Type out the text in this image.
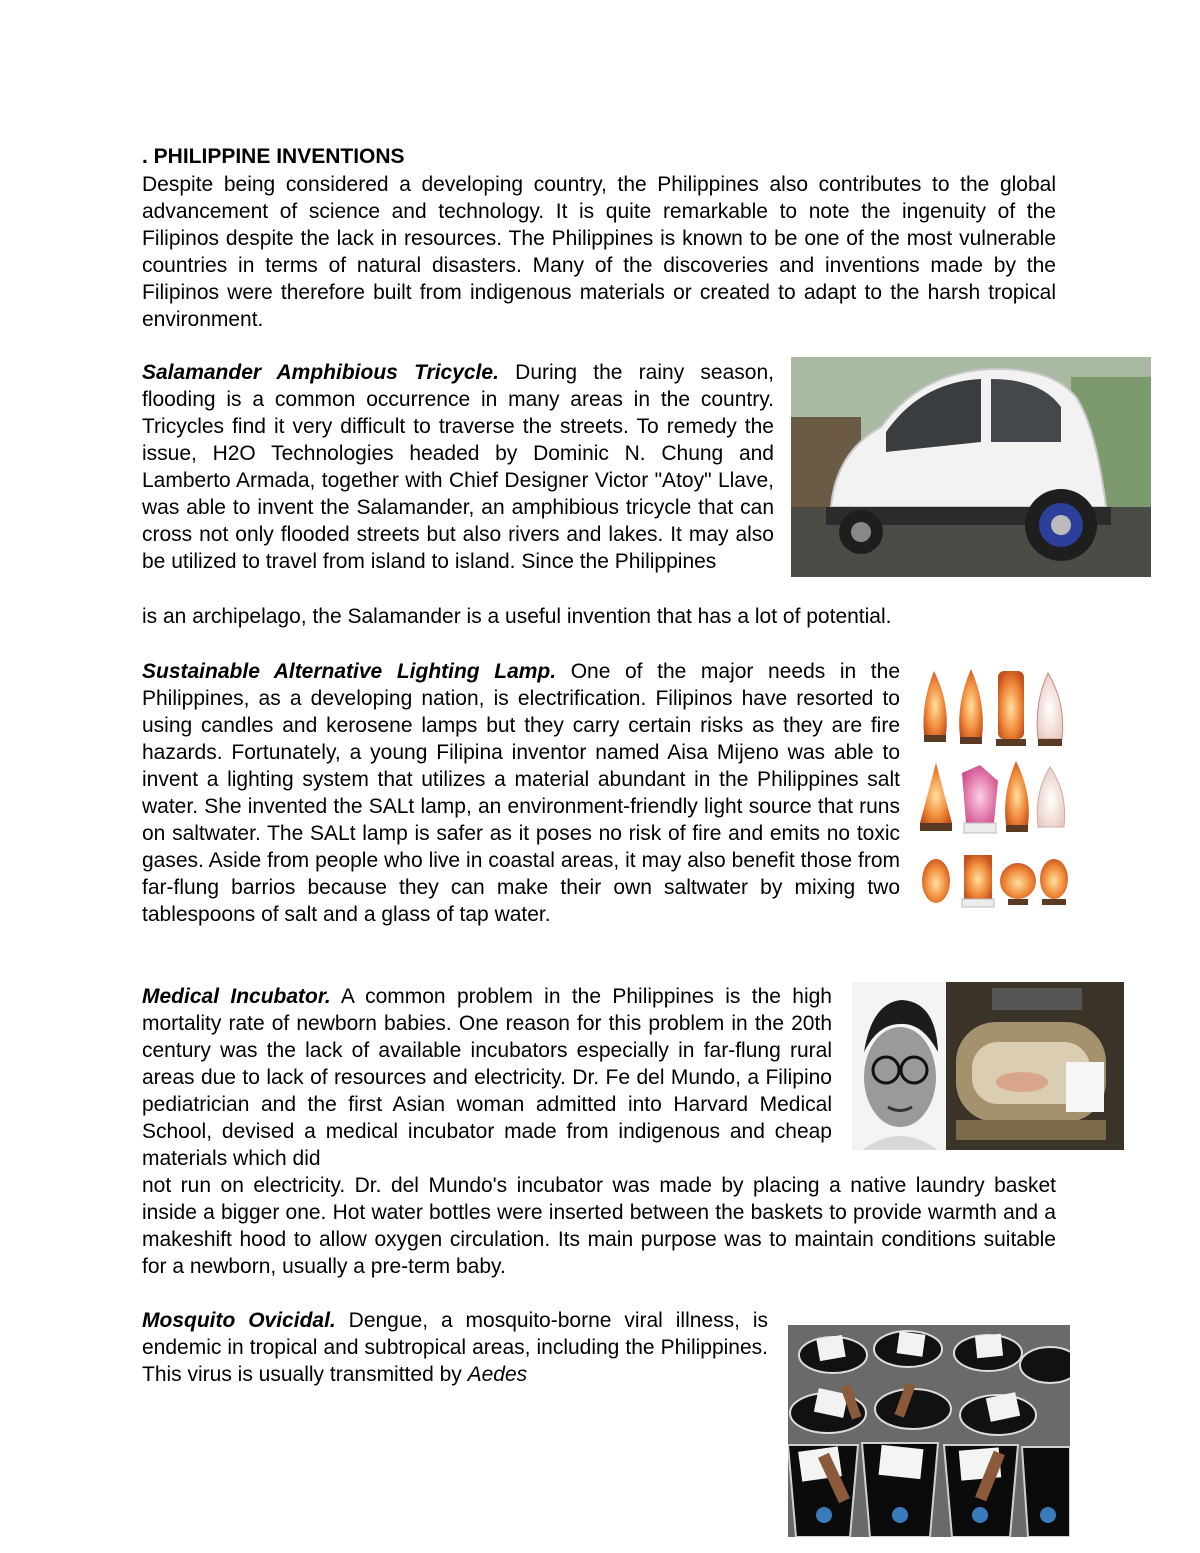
. PHILIPPINE INVENTIONS

Despite being considered a developing country, the Philippines also contributes to the global advancement of science and technology. It is quite remarkable to note the ingenuity of the Filipinos despite the lack in resources. The Philippines is known to be one of the most vulnerable countries in terms of natural disasters. Many of the discoveries and inventions made by the Filipinos were therefore built from indigenous materials or created to adapt to the harsh tropical environment.

Salamander Amphibious Tricycle. During the rainy season, flooding is a common occurrence in many areas in the country. Tricycles find it very difficult to traverse the streets. To remedy the issue, H2O Technologies headed by Dominic N. Chung and Lamberto Armada, together with Chief Designer Victor "Atoy" Llave, was able to invent the Salamander, an amphibious tricycle that can cross not only flooded streets but also rivers and lakes. It may also be utilized to travel from island to island. Since the Philippines

is an archipelago, the Salamander is a useful invention that has a lot of potential.

Sustainable Alternative Lighting Lamp. One of the major needs in the Philippines, as a developing nation, is electrification. Filipinos have resorted to using candles and kerosene lamps but they carry certain risks as they are fire hazards. Fortunately, a young Filipina inventor named Aisa Mijeno was able to invent a lighting system that utilizes a material abundant in the Philippines salt water. She invented the SALt lamp, an environment-friendly light source that runs on saltwater. The SALt lamp is safer as it poses no risk of fire and emits no toxic gases. Aside from people who live in coastal areas, it may also benefit those from far-flung barrios because they can make their own saltwater by mixing two tablespoons of salt and a glass of tap water.

Medical Incubator. A common problem in the Philippines is the high mortality rate of newborn babies. One reason for this problem in the 20th century was the lack of available incubators especially in far-flung rural areas due to lack of resources and electricity. Dr. Fe del Mundo, a Filipino pediatrician and the first Asian woman admitted into Harvard Medical School, devised a medical incubator made from indigenous and cheap materials which did

not run on electricity. Dr. del Mundo's incubator was made by placing a native laundry basket inside a bigger one. Hot water bottles were inserted between the baskets to provide warmth and a makeshift hood to allow oxygen circulation. Its main purpose was to maintain conditions suitable for a newborn, usually a pre-term baby.

Mosquito Ovicidal. Dengue, a mosquito-borne viral illness, is endemic in tropical and subtropical areas, including the Philippines. This virus is usually transmitted by Aedes
